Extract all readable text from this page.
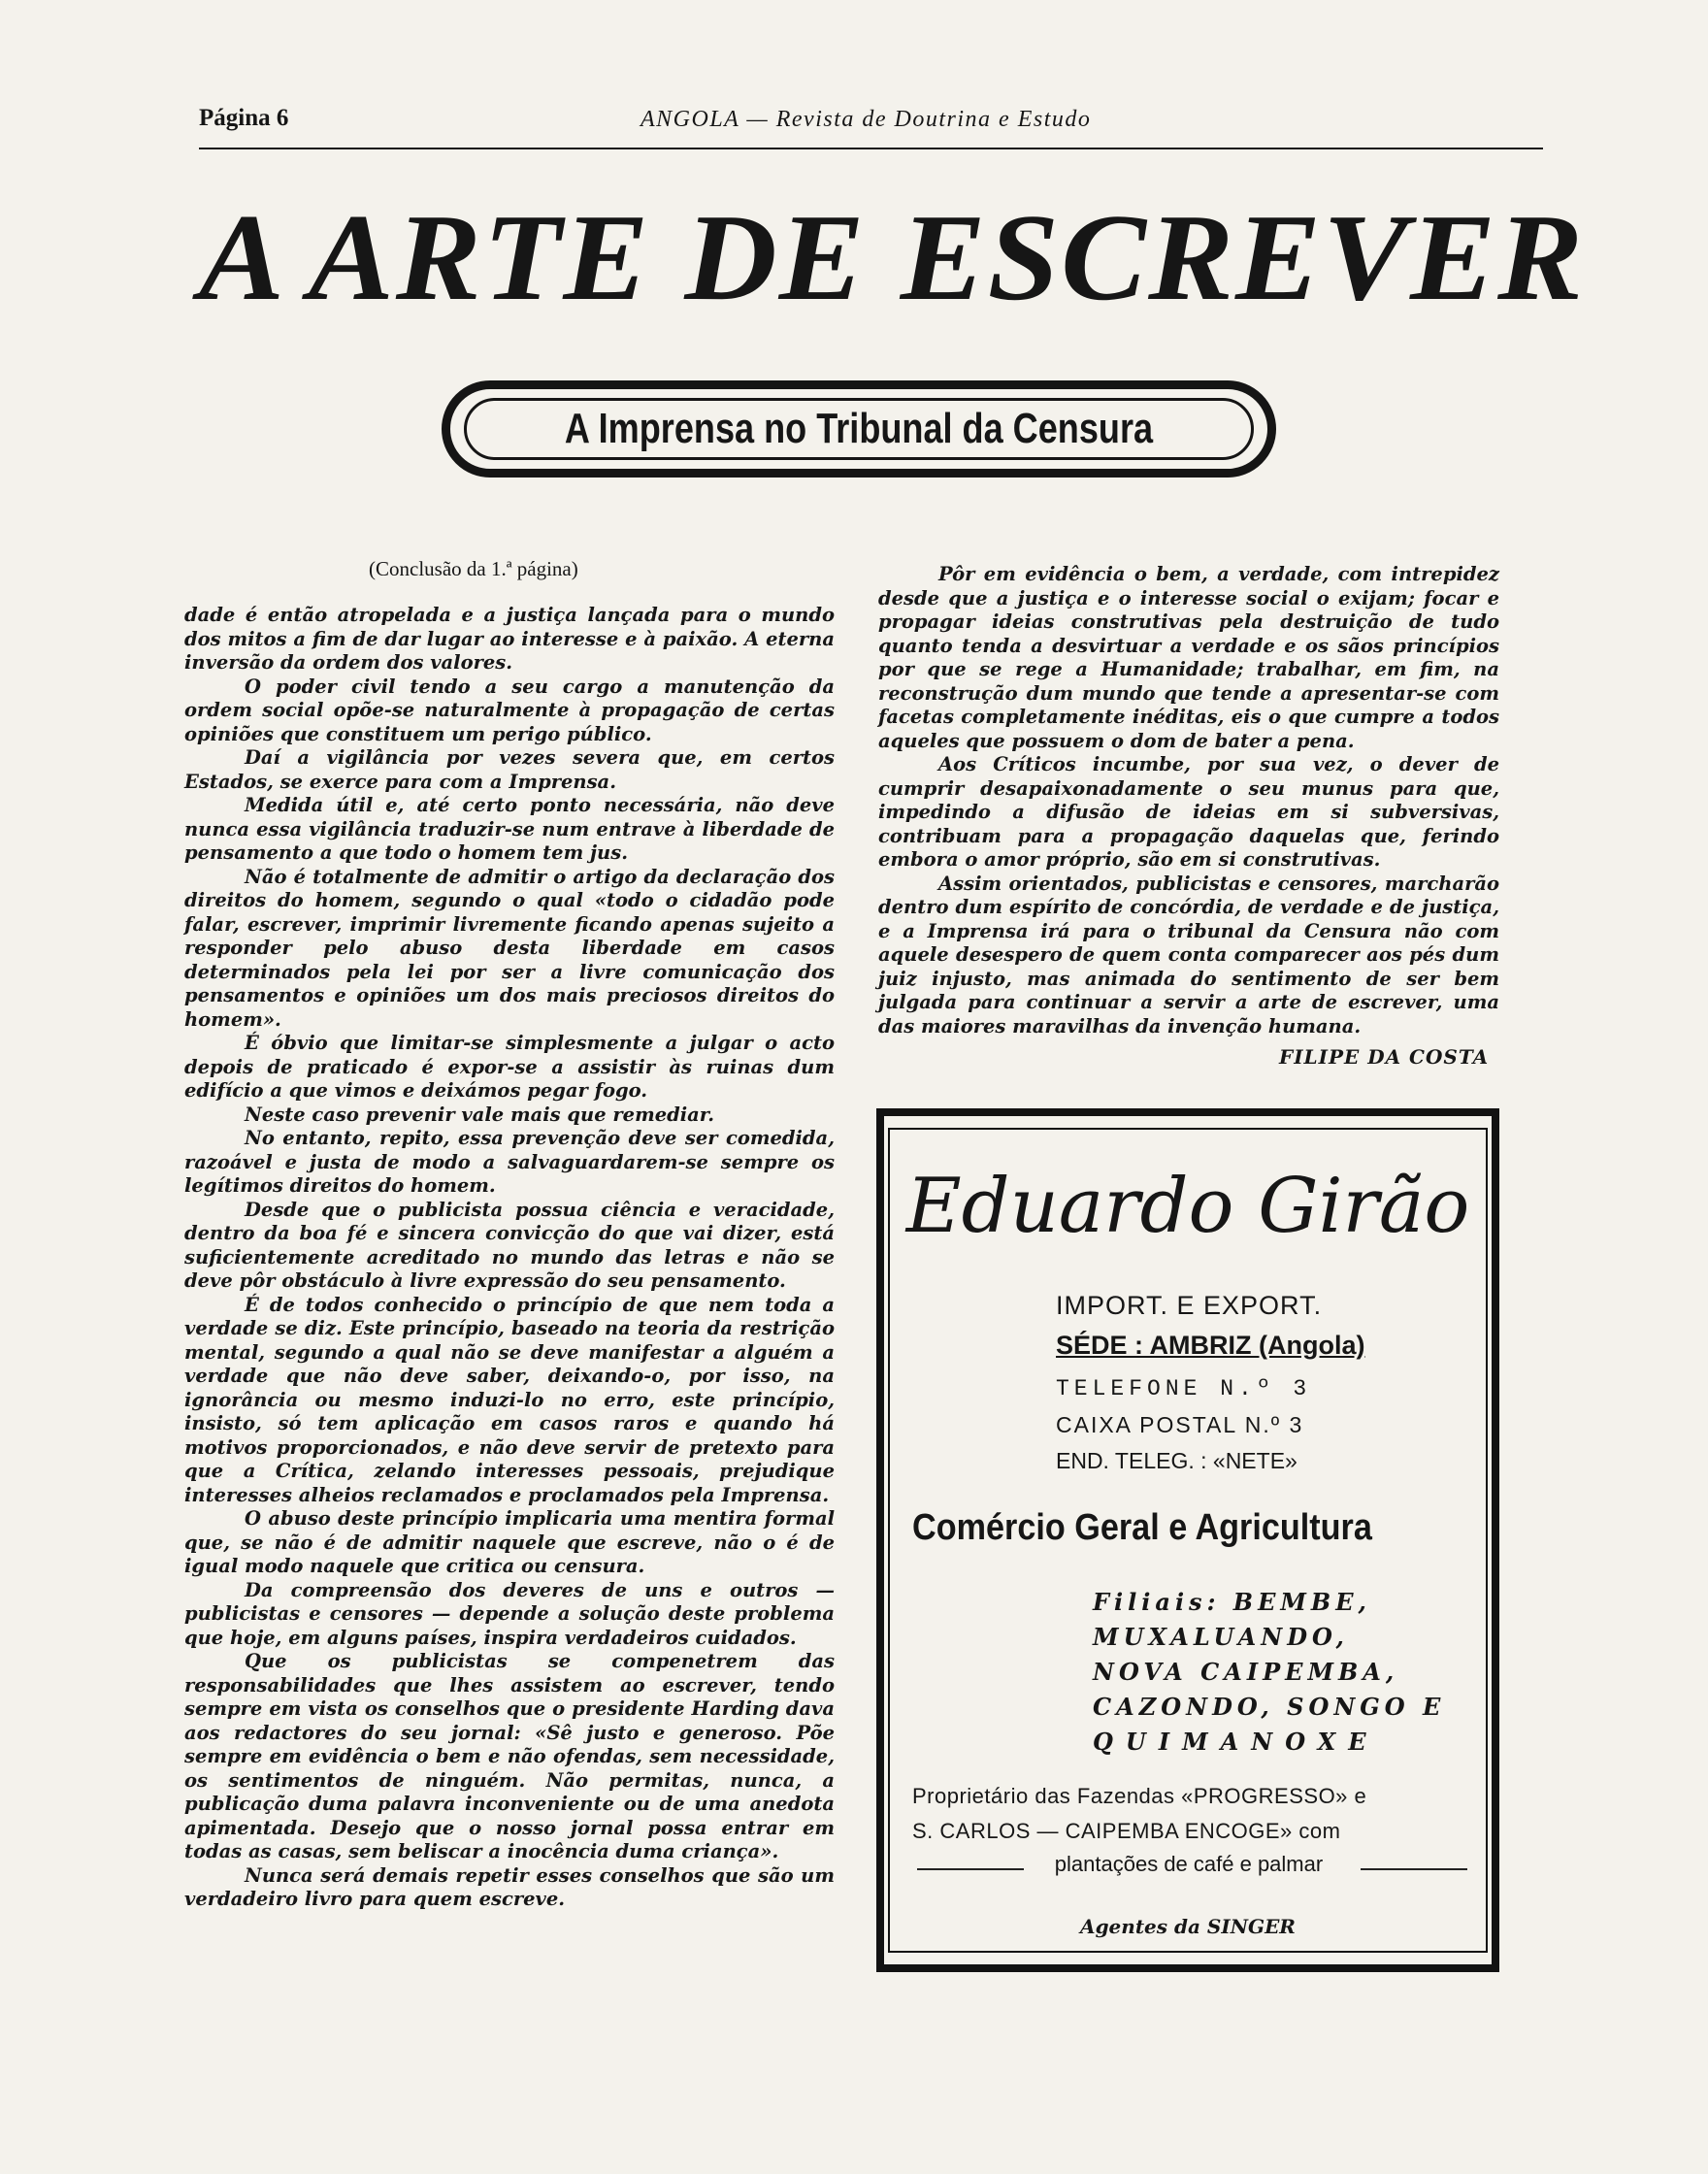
Página 6	ANGOLA — Revista de Doutrina e Estudo
A ARTE DE ESCREVER
A Imprensa no Tribunal da Censura
(Conclusão da 1.ª página)

dade é então atropelada e a justiça lançada para o mundo dos mitos a fim de dar lugar ao interesse e à paixão. A eterna inversão da ordem dos valores.

O poder civil tendo a seu cargo a manutenção da ordem social opõe-se naturalmente à propagação de certas opiniões que constituem um perigo público.

Daí a vigilância por vezes severa que, em certos Estados, se exerce para com a Imprensa.

Medida útil e, até certo ponto necessária, não deve nunca essa vigilância traduzir-se num entrave à liberdade de pensamento a que todo o homem tem jus.

Não é totalmente de admitir o artigo da declaração dos direitos do homem, segundo o qual «todo o cidadão pode falar, escrever, imprimir livremente ficando apenas sujeito a responder pelo abuso desta liberdade em casos determinados pela lei por ser a livre comunicação dos pensamentos e opiniões um dos mais preciosos direitos do homem».

É óbvio que limitar-se simplesmente a julgar o acto depois de praticado é expor-se a assistir às ruinas dum edifício a que vimos e deixámos pegar fogo.

Neste caso prevenir vale mais que remediar.

No entanto, repito, essa prevenção deve ser comedida, razoável e justa de modo a salvaguardarem-se sempre os legítimos direitos do homem.

Desde que o publicista possua ciência e veracidade, dentro da boa fé e sincera convicção do que vai dizer, está suficientemente acreditado no mundo das letras e não se deve pôr obstáculo à livre expressão do seu pensamento.

É de todos conhecido o princípio de que nem toda a verdade se diz. Este princípio, baseado na teoria da restrição mental, segundo a qual não se deve manifestar a alguém a verdade que não deve saber, deixando-o, por isso, na ignorância ou mesmo induzi-lo no erro, este princípio, insisto, só tem aplicação em casos raros e quando há motivos proporcionados, e não deve servir de pretexto para que a Crítica, zelando interesses pessoais, prejudique interesses alheios reclamados e proclamados pela Imprensa.

O abuso deste princípio implicaria uma mentira formal que, se não é de admitir naquele que escreve, não o é de igual modo naquele que critica ou censura.

Da compreensão dos deveres de uns e outros — publicistas e censores — depende a solução deste problema que hoje, em alguns países, inspira verdadeiros cuidados.

Que os publicistas se compenetrem das responsabilidades que lhes assistem ao escrever, tendo sempre em vista os conselhos que o presidente Harding dava aos redactores do seu jornal: «Sê justo e generoso. Põe sempre em evidência o bem e não ofendas, sem necessidade, os sentimentos de ninguém. Não permitas, nunca, a publicação duma palavra inconveniente ou de uma anedota apimentada. Desejo que o nosso jornal possa entrar em todas as casas, sem beliscar a inocência duma criança».

Nunca será demais repetir esses conselhos que são um verdadeiro livro para quem escreve.

Pôr em evidência o bem, a verdade, com intrepidez desde que a justiça e o interesse social o exijam; focar e propagar ideias construtivas pela destruição de tudo quanto tenda a desvirtuar a verdade e os sãos princípios por que se rege a Humanidade; trabalhar, em fim, na reconstrução dum mundo que tende a apresentar-se com facetas completamente inéditas, eis o que cumpre a todos aqueles que possuem o dom de bater a pena.

Aos Críticos incumbe, por sua vez, o dever de cumprir desapaixonadamente o seu munus para que, impedindo a difusão de ideias em si subversivas, contribuam para a propagação daquelas que, ferindo embora o amor próprio, são em si construtivas.

Assim orientados, publicistas e censores, marcharão dentro dum espírito de concórdia, de verdade e de justiça, e a Imprensa irá para o tribunal da Censura não com aquele desespero de quem conta comparecer aos pés dum juiz injusto, mas animada do sentimento de ser bem julgada para continuar a servir a arte de escrever, uma das maiores maravilhas da invenção humana.

FILIPE DA COSTA
Eduardo Girão
IMPORT. E EXPORT.
SÉDE : AMBRIZ (Angola)
TELEFONE N.º 3
CAIXA POSTAL N.º 3
END. TELEG. : «NETE»
Comércio Geral e Agricultura
Filiais: BEMBE,
MUXALUANDO,
NOVA CAIPEMBA,
CAZONDO, SONGO E
QUIMANOXE
Proprietário das Fazendas «PROGRESSO» e
S. CARLOS — CAIPEMBA ENCOGE» com
plantações de café e palmar
Agentes da SINGER
